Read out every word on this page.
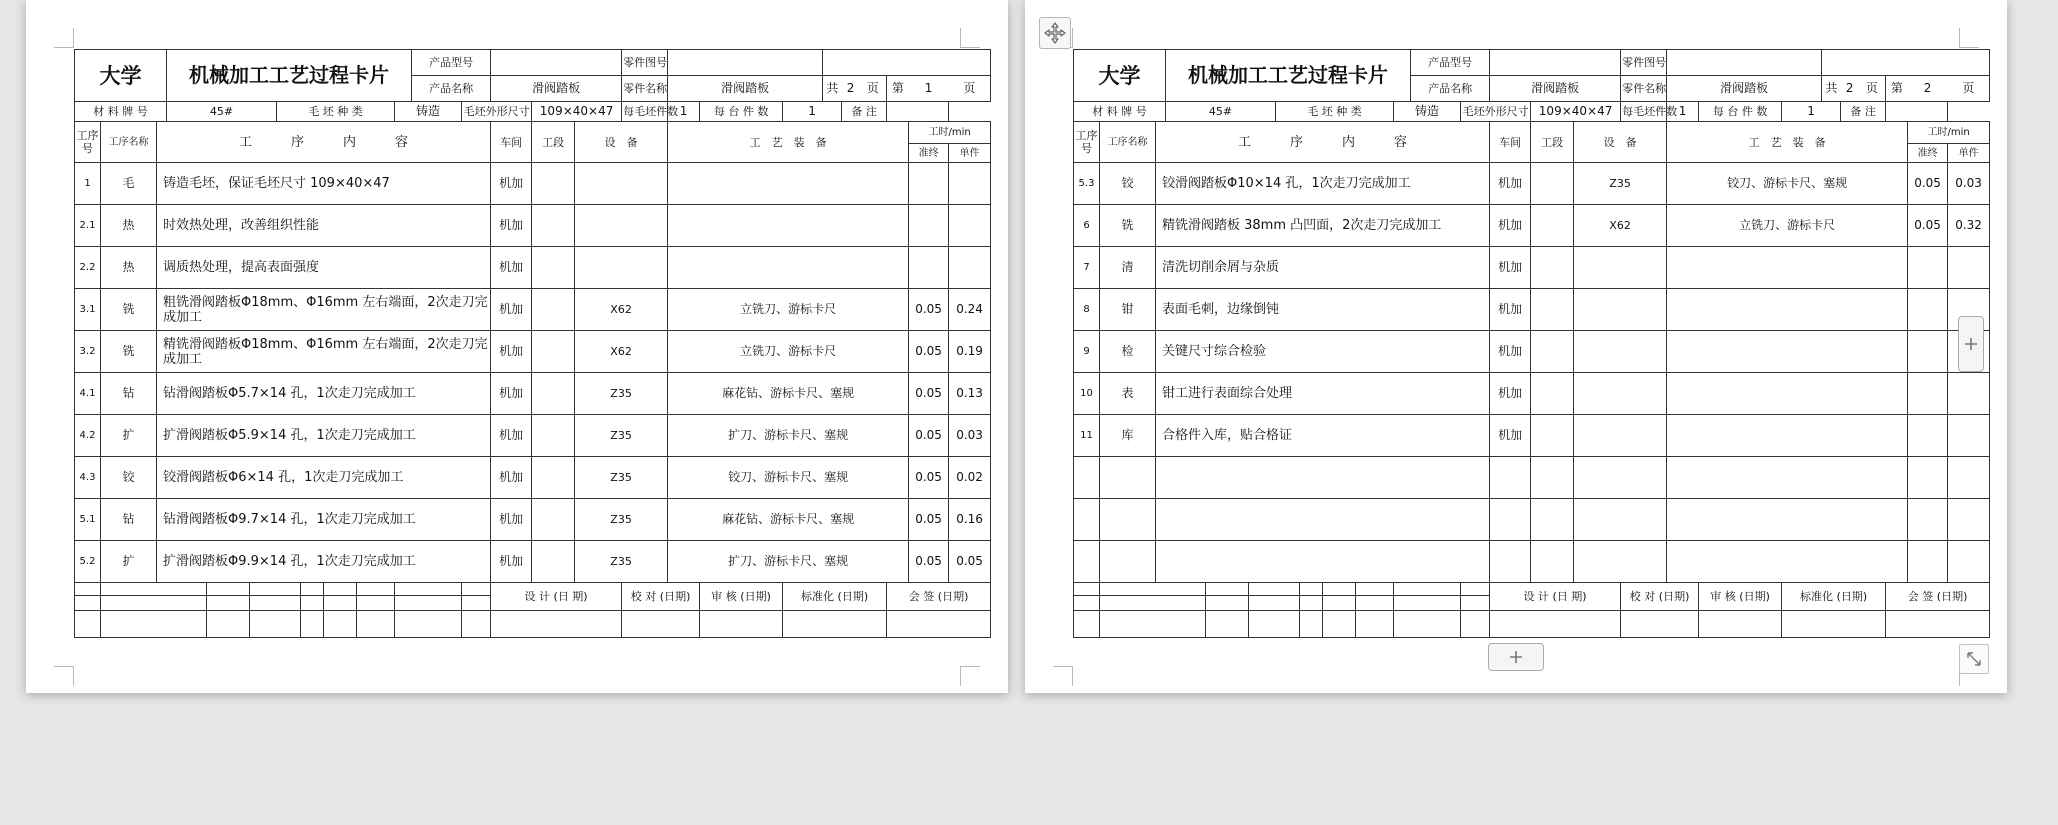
大学			机械加工工艺过程卡片								产品型号					零件图号									
											产品名称		滑阀踏板			零件名称	滑阀踏板			共	2	页	第	1	页
材 料 牌 号			45#			毛 坯 种 类				铸造		毛坯外形尺寸		109×40×47		每毛坯件数	1	每 台 件 数	1		备 注				
工序号	工序名称	工　　　序　　　内　　　容											车间	工段	设　备		工　艺　装　备							工时/min	
																								准终	单件
1	毛	铸造毛坯，保证毛坯尺寸 109×40×47											机加												
2.1	热	时效热处理，改善组织性能											机加												
2.2	热	调质热处理，提高表面强度											机加												
3.1	铣	粗铣滑阀踏板Φ18mm、Φ16mm 左右端面，2次走刀完成加工											机加		X62		立铣刀、游标卡尺							0.05	0.24
3.2	铣	精铣滑阀踏板Φ18mm、Φ16mm 左右端面，2次走刀完成加工											机加		X62		立铣刀、游标卡尺							0.05	0.19
4.1	钻	钻滑阀踏板Φ5.7×14 孔，1次走刀完成加工											机加		Z35		麻花钻、游标卡尺、塞规							0.05	0.13
4.2	扩	扩滑阀踏板Φ5.9×14 孔，1次走刀完成加工											机加		Z35		扩刀、游标卡尺、塞规							0.05	0.03
4.3	铰	铰滑阀踏板Φ6×14 孔，1次走刀完成加工											机加		Z35		铰刀、游标卡尺、塞规							0.05	0.02
5.1	钻	钻滑阀踏板Φ9.7×14 孔，1次走刀完成加工											机加		Z35		麻花钻、游标卡尺、塞规							0.05	0.16
5.2	扩	扩滑阀踏板Φ9.9×14 孔，1次走刀完成加工											机加		Z35		扩刀、游标卡尺、塞规							0.05	0.05
													设 计 (日 期)			校 对 (日期)		审 核 (日期)	标准化 (日期)				会 签 (日期)		

大学			机械加工工艺过程卡片								产品型号					零件图号									
											产品名称		滑阀踏板			零件名称	滑阀踏板			共	2	页	第	2	页
材 料 牌 号			45#			毛 坯 种 类				铸造		毛坯外形尺寸		109×40×47		每毛坯件数	1	每 台 件 数	1		备 注				
工序号	工序名称	工　　　序　　　内　　　容											车间	工段	设　备		工　艺　装　备							工时/min	
																								准终	单件
5.3	铰	铰滑阀踏板Φ10×14 孔，1次走刀完成加工											机加		Z35		铰刀、游标卡尺、塞规							0.05	0.03
6	铣	精铣滑阀踏板 38mm 凸凹面，2次走刀完成加工											机加		X62		立铣刀、游标卡尺							0.05	0.32
7	清	清洗切削余屑与杂质											机加												
8	钳	表面毛刺，边缘倒钝											机加												
9	检	关键尺寸综合检验											机加												
10	表	钳工进行表面综合处理											机加												
11	库	合格件入库，贴合格证											机加												

													设 计 (日 期)			校 对 (日期)		审 核 (日期)	标准化 (日期)				会 签 (日期)		
